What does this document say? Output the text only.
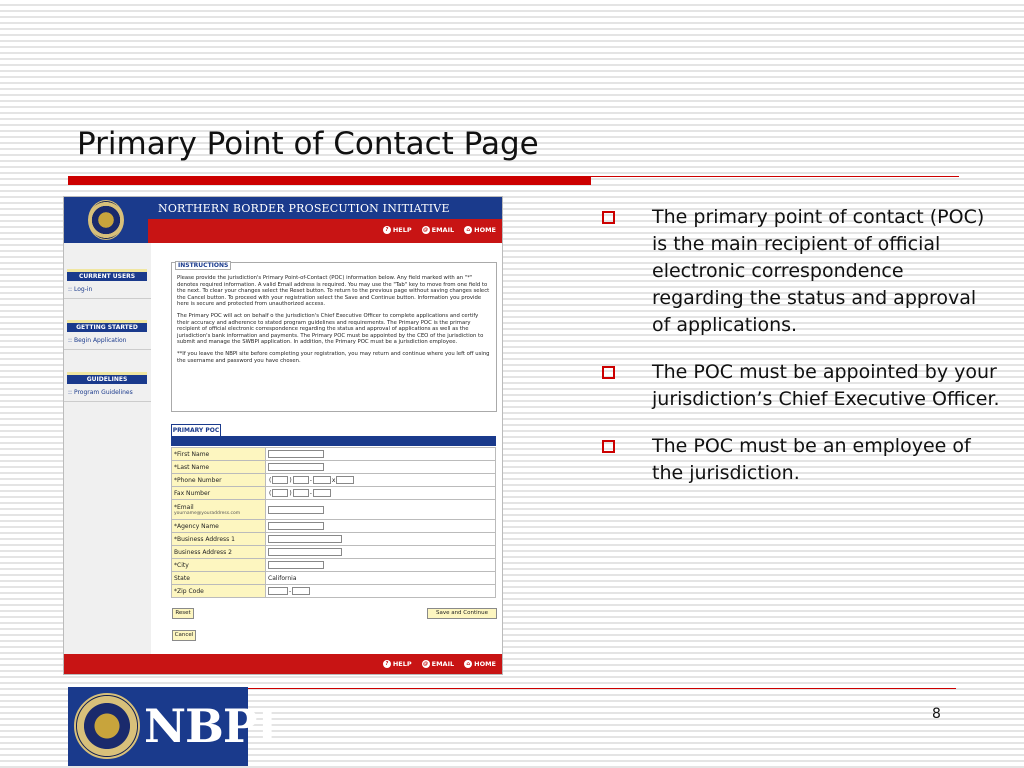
Primary Point of Contact Page
NORTHERN BORDER PROSECUTION INITIATIVE
? HELP	@ EMAIL	⌂ HOME
CURRENT USERS
:: Log-in
GETTING STARTED
:: Begin Application
GUIDELINES
:: Program Guidelines
INSTRUCTIONS

Please provide the jurisdiction's Primary Point-of-Contact (POC) information below. Any field marked with an "*" denotes required information. A valid Email address is required. You may use the "Tab" key to move from one field to the next. To clear your changes select the Reset button. To return to the previous page without saving changes select the Cancel button. To proceed with your registration select the Save and Continue button. Information you provide here is secure and protected from unauthorized access.

The Primary POC will act on behalf o the jurisdiction's Chief Executive Officer to complete applications and certify their accuracy and adherence to stated program guidelines and requirements. The Primary POC is the primary recipient of official electronic correspondence regarding the status and approval of applications as well as the jurisdiction's bank information and payments. The Primary POC must be appointed by the CEO of the jurisdiction to submit and manage the SWBPI application. In addition, the Primary POC must be a jurisdiction employee.

**If you leave the NBPI site before completing your registration, you may return and continue where you left off using the username and password you have chosen.

PRIMARY POC
*First Name	
*Last Name	
*Phone Number	( ) - x
Fax Number	( ) -
*Email
yourname@youraddress.com	

*Agency Name	
*Business Address 1	
Business Address 2	
*City	
State	California
*Zip Code	-
Reset	Save and Continue
Cancel
? HELP	@ EMAIL	⌂ HOME
The primary point of contact (POC) is the main recipient of official electronic correspondence regarding the status and approval of applications.
The POC must be appointed by your jurisdiction’s Chief Executive Officer.
The POC must be an employee of the jurisdiction.
NBPI	8
